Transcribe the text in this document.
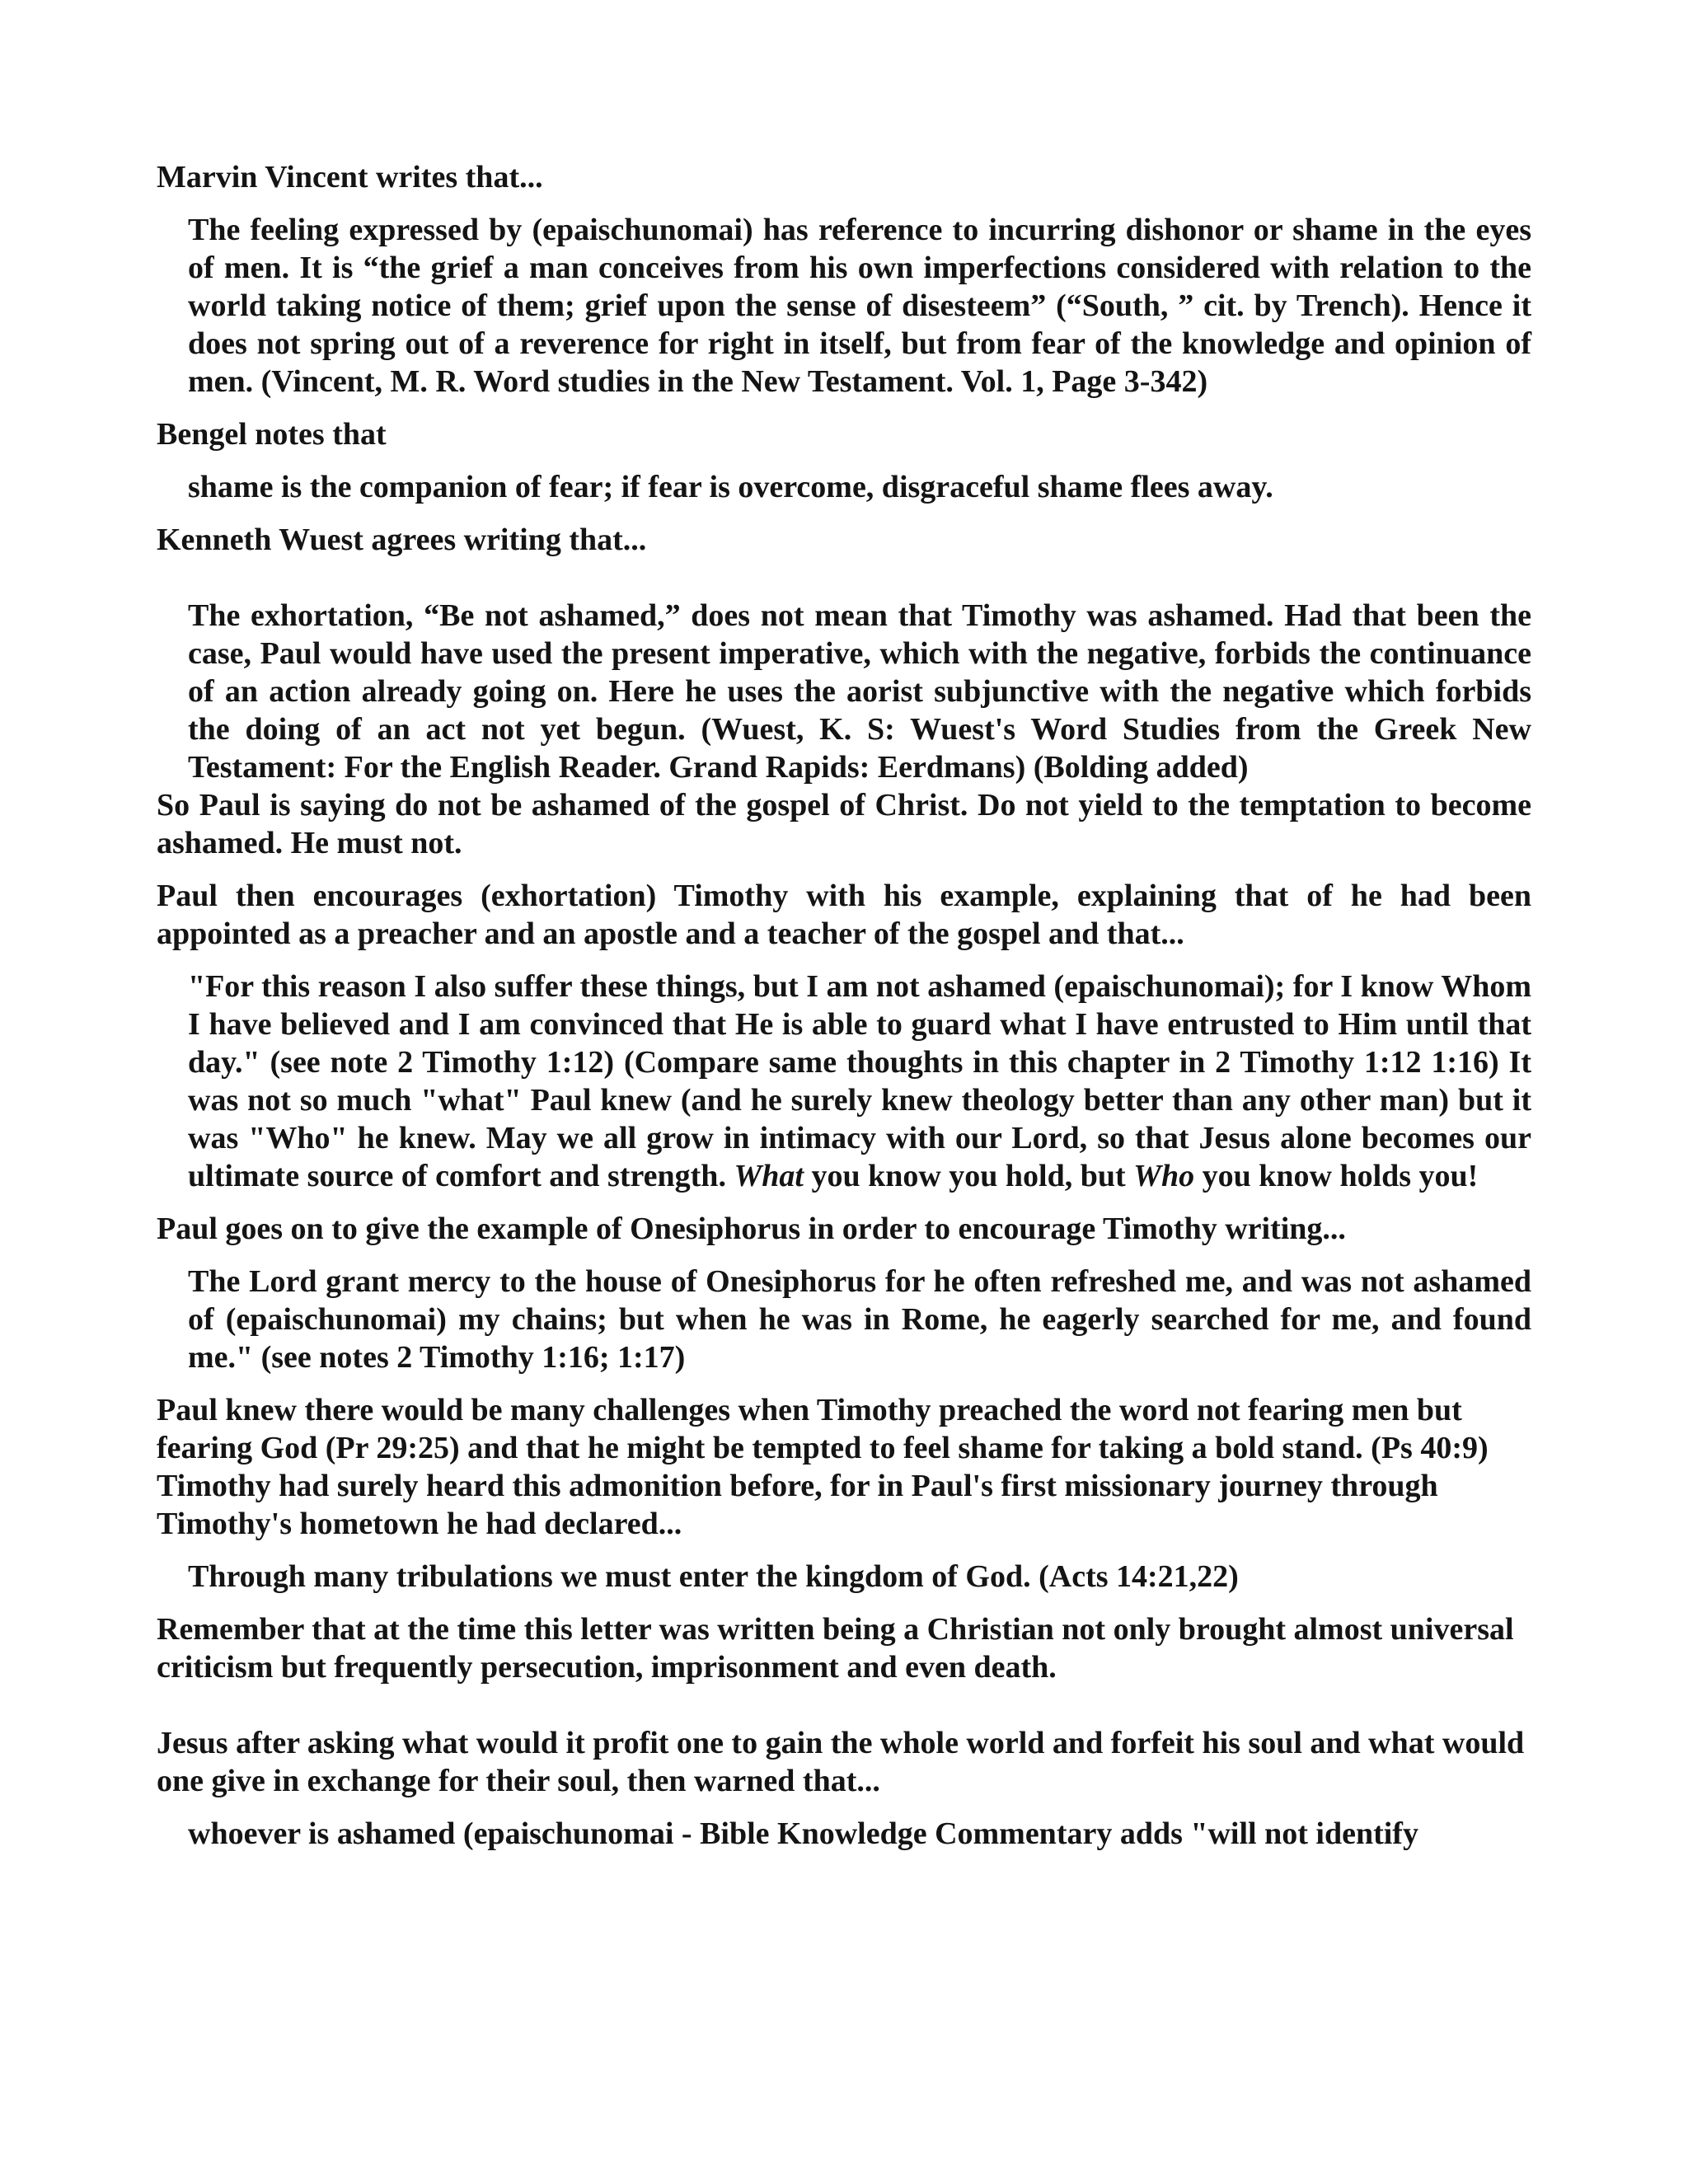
Marvin Vincent writes that...

The feeling expressed by (epaischunomai) has reference to incurring dishonor or shame in the eyes of men. It is “the grief a man conceives from his own imperfections considered with relation to the world taking notice of them; grief upon the sense of disesteem” (“South, ” cit. by Trench). Hence it does not spring out of a reverence for right in itself, but from fear of the knowledge and opinion of men. (Vincent, M. R. Word studies in the New Testament. Vol. 1, Page 3-342)

Bengel notes that

shame is the companion of fear; if fear is overcome, disgraceful shame flees away.

Kenneth Wuest agrees writing that...

The exhortation, “Be not ashamed,” does not mean that Timothy was ashamed. Had that been the case, Paul would have used the present imperative, which with the negative, forbids the continuance of an action already going on. Here he uses the aorist subjunctive with the negative which forbids the doing of an act not yet begun. (Wuest, K. S: Wuest's Word Studies from the Greek New Testament: For the English Reader. Grand Rapids: Eerdmans) (Bolding added)

So Paul is saying do not be ashamed of the gospel of Christ. Do not yield to the temptation to become ashamed. He must not.

Paul then encourages (exhortation) Timothy with his example, explaining that of he had been appointed as a preacher and an apostle and a teacher of the gospel and that...

"For this reason I also suffer these things, but I am not ashamed (epaischunomai); for I know Whom I have believed and I am convinced that He is able to guard what I have entrusted to Him until that day." (see note 2 Timothy 1:12) (Compare same thoughts in this chapter in 2 Timothy 1:12 1:16) It was not so much "what" Paul knew (and he surely knew theology better than any other man) but it was "Who" he knew. May we all grow in intimacy with our Lord, so that Jesus alone becomes our ultimate source of comfort and strength. What you know you hold, but Who you know holds you!

Paul goes on to give the example of Onesiphorus in order to encourage Timothy writing...

The Lord grant mercy to the house of Onesiphorus for he often refreshed me, and was not ashamed of (epaischunomai) my chains; but when he was in Rome, he eagerly searched for me, and found me." (see notes 2 Timothy 1:16; 1:17)

Paul knew there would be many challenges when Timothy preached the word not fearing men but fearing God (Pr 29:25) and that he might be tempted to feel shame for taking a bold stand. (Ps 40:9) Timothy had surely heard this admonition before, for in Paul's first missionary journey through Timothy's hometown he had declared...

Through many tribulations we must enter the kingdom of God. (Acts 14:21,22)

Remember that at the time this letter was written being a Christian not only brought almost universal criticism but frequently persecution, imprisonment and even death.

Jesus after asking what would it profit one to gain the whole world and forfeit his soul and what would one give in exchange for their soul, then warned that...

whoever is ashamed (epaischunomai - Bible Knowledge Commentary adds "will not identify
